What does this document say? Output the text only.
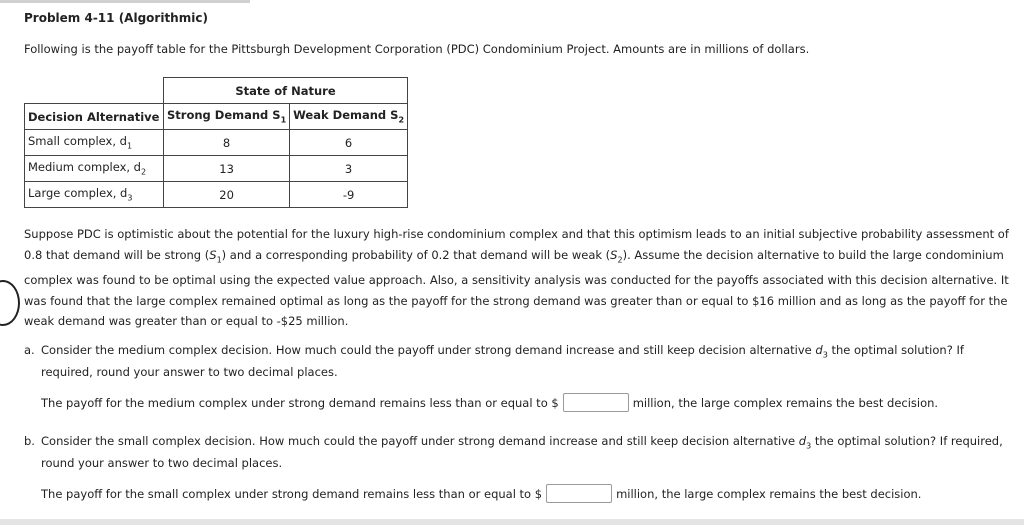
Problem 4-11 (Algorithmic)
Following is the payoff table for the Pittsburgh Development Corporation (PDC) Condominium Project. Amounts are in millions of dollars.
	State of Nature	
Decision Alternative	Strong Demand $S_1$	Weak Demand $S_2$
Small complex, $d_1$	8	6
Medium complex, $d_2$	13	3
Large complex, $d_3$	20	-9
Suppose PDC is optimistic about the potential for the luxury high-rise condominium complex and that this optimism leads to an initial subjective probability assessment of 0.8 that demand will be strong $(S_1)$ and a corresponding probability of 0.2 that demand will be weak $(S_2)$. Assume the decision alternative to build the large condominium complex was found to be optimal using the expected value approach. Also, a sensitivity analysis was conducted for the payoffs associated with this decision alternative. It was found that the large complex remained optimal as long as the payoff for the strong demand was greater than or equal to $16 million and as long as the payoff for the weak demand was greater than or equal to -$25 million.
a. Consider the medium complex decision. How much could the payoff under strong demand increase and still keep decision alternative $d_3$ the optimal solution? If required, round your answer to two decimal places.
The payoff for the medium complex under strong demand remains less than or equal to $	million, the large complex remains the best decision.
b. Consider the small complex decision. How much could the payoff under strong demand increase and still keep decision alternative $d_3$ the optimal solution? If required, round your answer to two decimal places.
The payoff for the small complex under strong demand remains less than or equal to $	million, the large complex remains the best decision.
